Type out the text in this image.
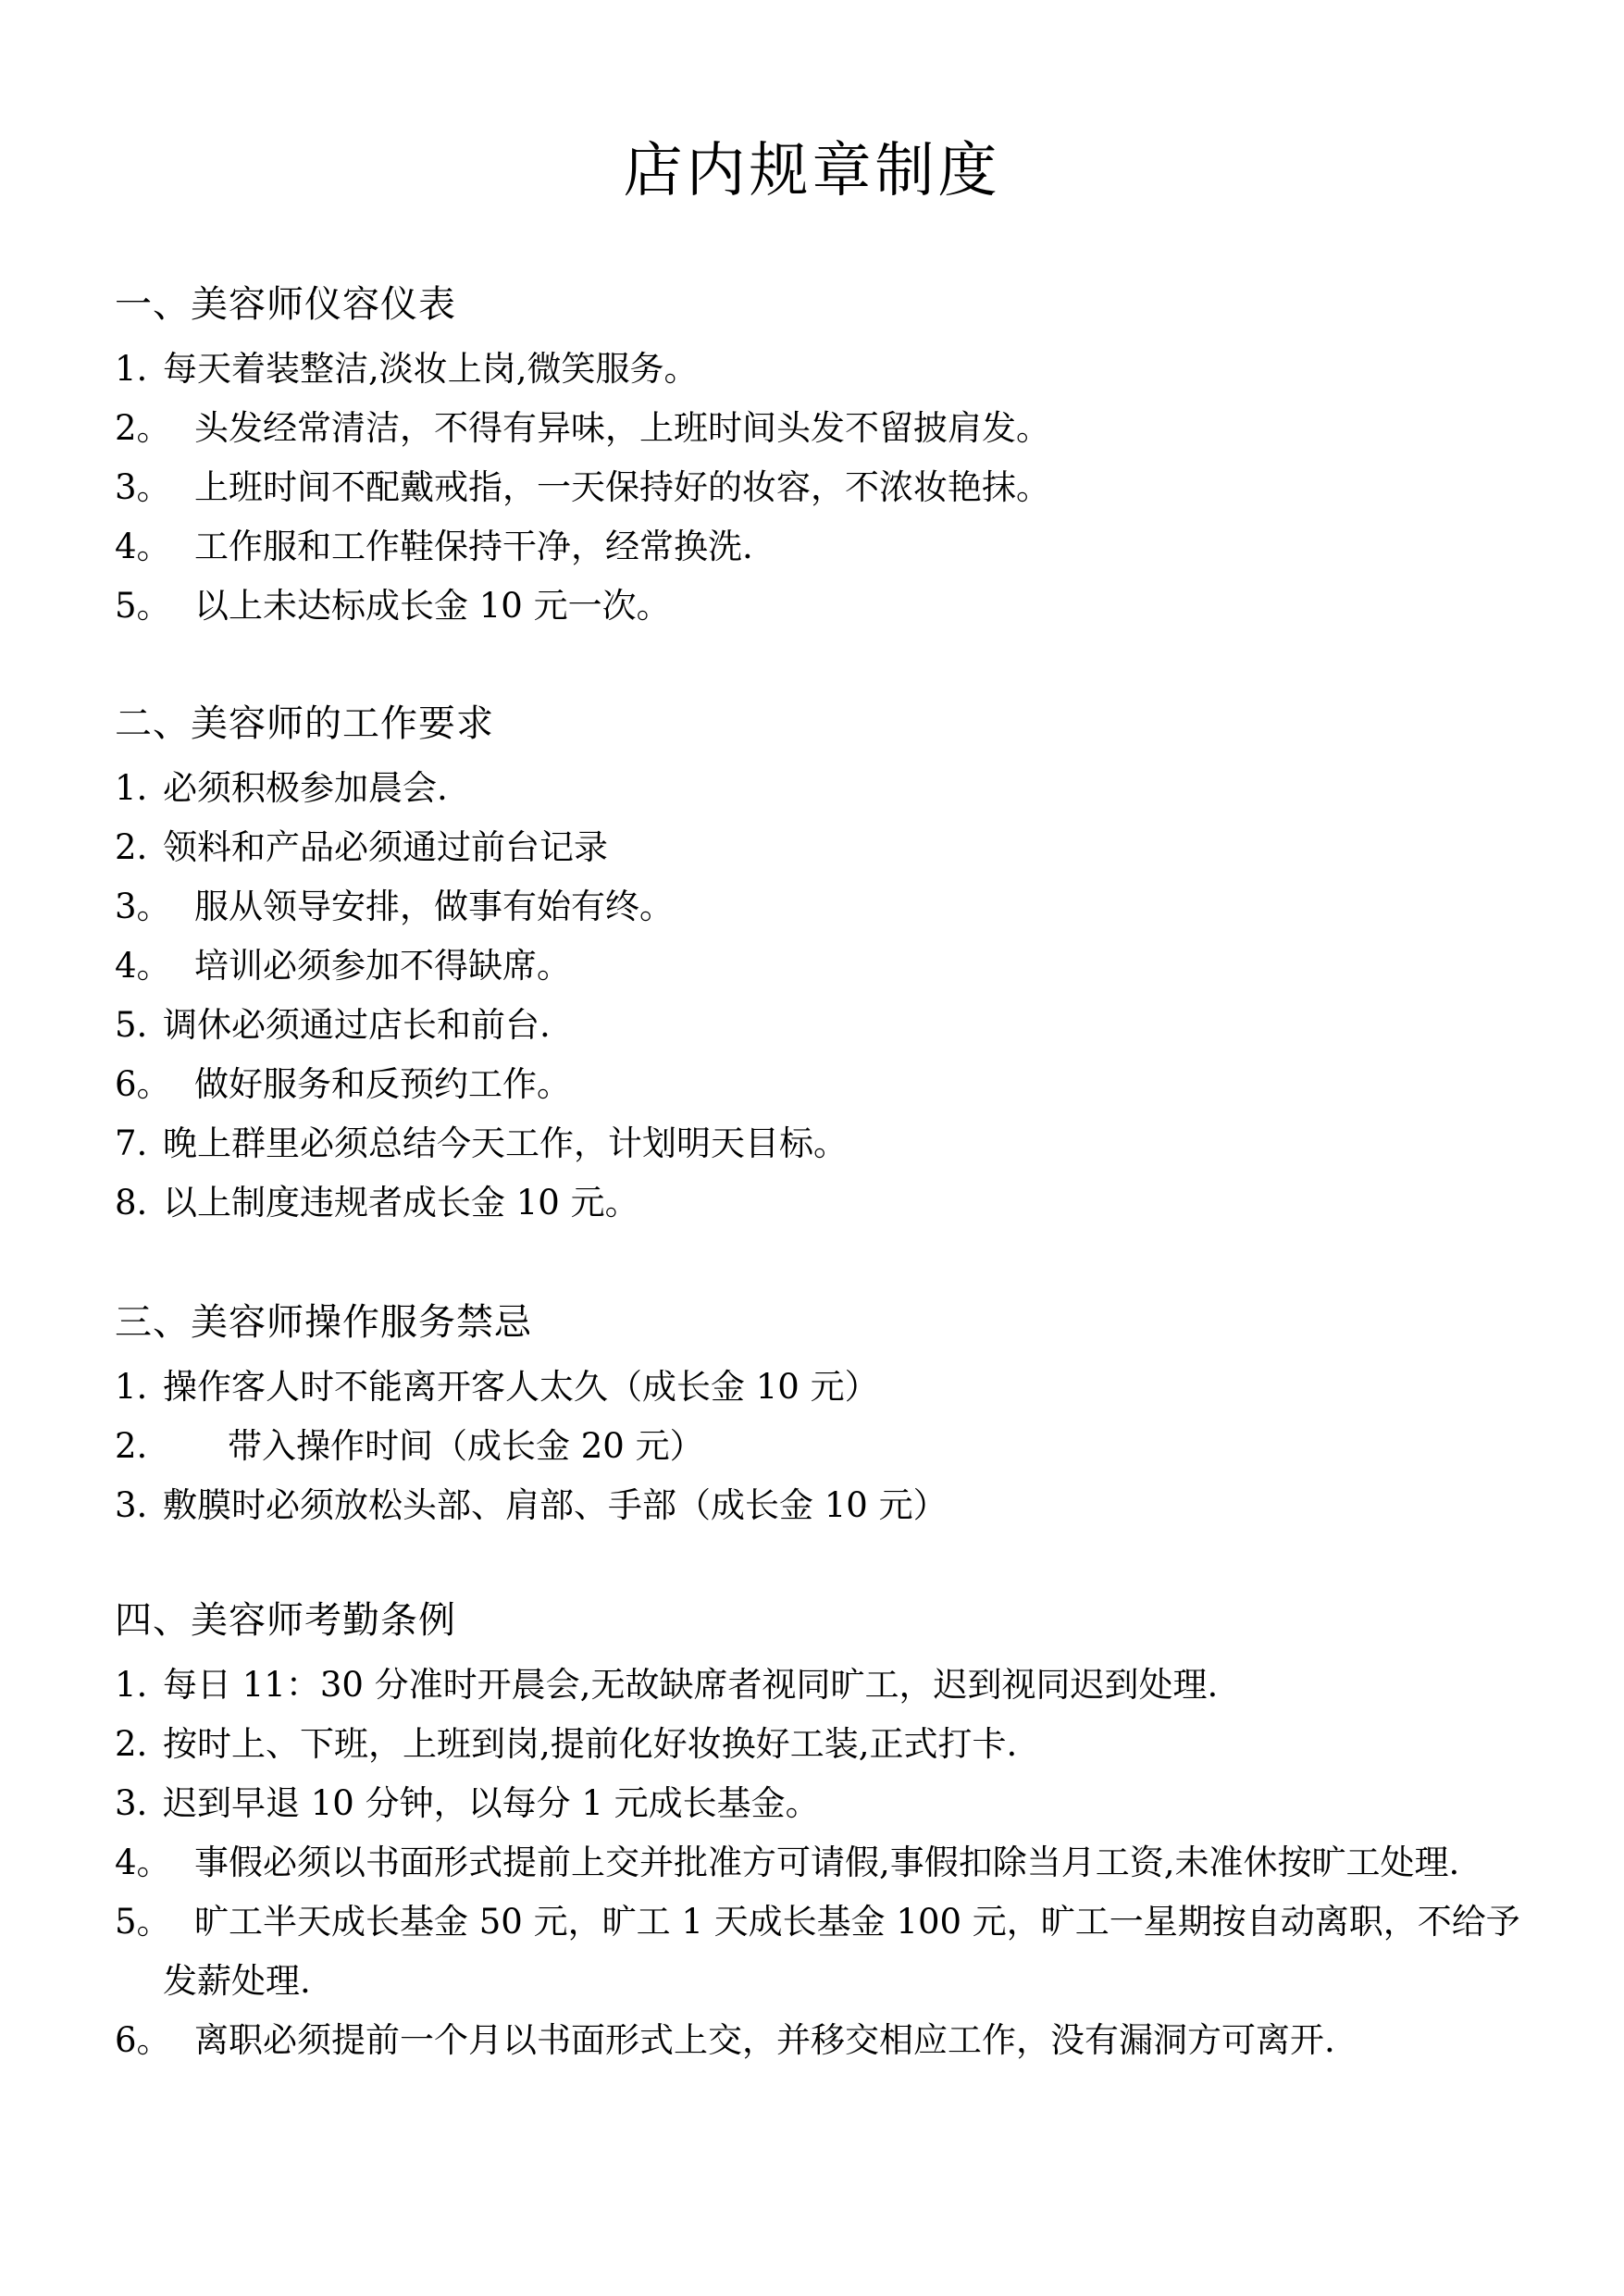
店内规章制度
一、美容师仪容仪表
1. 每天着装整洁,淡妆上岗,微笑服务。
2。 头发经常清洁，不得有异味，上班时间头发不留披肩发。
3。 上班时间不配戴戒指，一天保持好的妆容，不浓妆艳抹。
4。 工作服和工作鞋保持干净，经常换洗.
5。 以上未达标成长金 10 元一次。
二、美容师的工作要求
1. 必须积极参加晨会.
2. 领料和产品必须通过前台记录
3。 服从领导安排，做事有始有终。
4。 培训必须参加不得缺席。
5. 调休必须通过店长和前台.
6。 做好服务和反预约工作。
7. 晚上群里必须总结今天工作，计划明天目标。
8. 以上制度违规者成长金 10 元。
三、美容师操作服务禁忌
1. 操作客人时不能离开客人太久（成长金 10 元）
2. 带入操作时间（成长金 20 元）
3. 敷膜时必须放松头部、肩部、手部（成长金 10 元）
四、美容师考勤条例
1. 每日 11：30 分准时开晨会,无故缺席者视同旷工，迟到视同迟到处理.
2. 按时上、下班，上班到岗,提前化好妆换好工装,正式打卡.
3. 迟到早退 10 分钟，以每分 1 元成长基金。
4。 事假必须以书面形式提前上交并批准方可请假,事假扣除当月工资,未准休按旷工处理.
5。 旷工半天成长基金 50 元，旷工 1 天成长基金 100 元，旷工一星期按自动离职，不给予发薪处理.
6。 离职必须提前一个月以书面形式上交，并移交相应工作，没有漏洞方可离开.
